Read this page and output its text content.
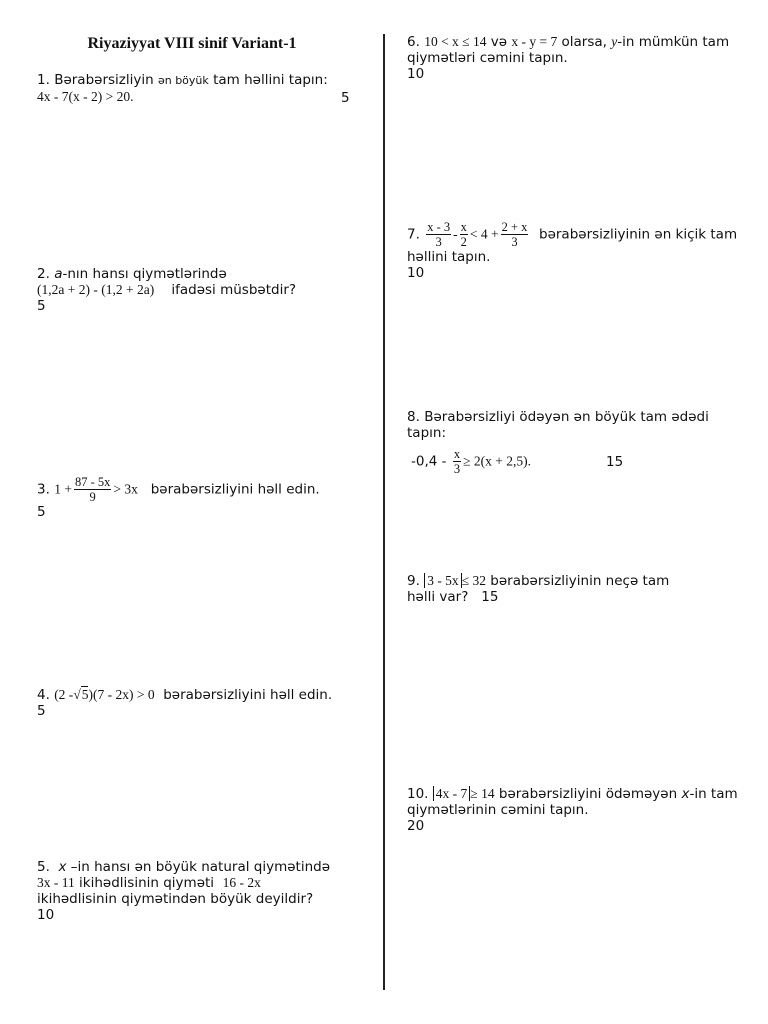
Riyaziyyat VIII sinif Variant-1
1. Bərabərsizliyin ən böyük tam həllini tapın:
4x - 7(x - 2) > 20.	5
2. a-nın hansı qiymətlərində
(1,2a + 2) - (1,2 + 2a) ifadəsi müsbətdir?
5
3. $1 + \frac{87 - 5x}{9} > 3x$ bərabərsizliyini həll edin.
5
4. (2 -√5)(7 - 2x) > 0 bərabərsizliyini həll edin.
5
5. x –in hansı ən böyük natural qiymətində
3x - 11 ikihədlisinin qiyməti 16 - 2x
ikihədlisinin qiymətindən böyük deyildir?
10
6. 10 < x ≤ 14 və x - y = 7 olarsa, y-in mümkün tam qiymətləri cəmini tapın.
10
7. $\frac{x - 3}{3} - \frac{x}{2} < 4 + \frac{2 + x}{3}$ bərabərsizliyinin ən kiçik tam həllini tapın.
10
8. Bərabərsizliyi ödəyən ən böyük tam ədədi tapın:

$-0,4 - \frac{x}{3} \ge 2(x + 2,5)$.	15
9. 3 - 5x ≤ 32 bərabərsizliyinin neçə tam
həlli var? 15
10. 4x - 7 ≥ 14 bərabərsizliyini ödəməyən x-in tam qiymətlərinin cəmini tapın.
20
